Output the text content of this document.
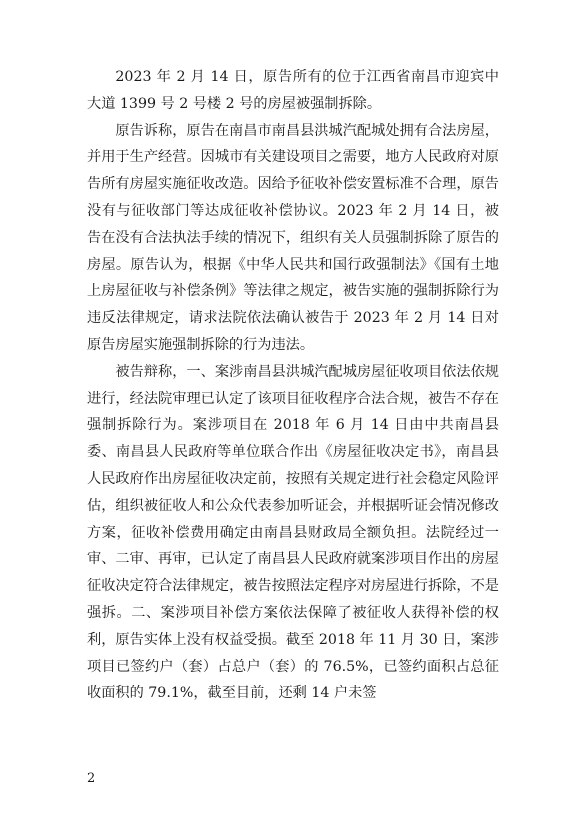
2023 年 2 月 14 日，原告所有的位于江西省南昌市迎宾中大道 1399 号 2 号楼 2 号的房屋被强制拆除。

原告诉称，原告在南昌市南昌县洪城汽配城处拥有合法房屋，并用于生产经营。因城市有关建设项目之需要，地方人民政府对原告所有房屋实施征收改造。因给予征收补偿安置标准不合理，原告没有与征收部门等达成征收补偿协议。2023 年 2 月 14 日，被告在没有合法执法手续的情况下，组织有关人员强制拆除了原告的房屋。原告认为，根据《中华人民共和国行政强制法》《国有土地上房屋征收与补偿条例》等法律之规定，被告实施的强制拆除行为违反法律规定，请求法院依法确认被告于 2023 年 2 月 14 日对原告房屋实施强制拆除的行为违法。

被告辩称，一、案涉南昌县洪城汽配城房屋征收项目依法依规进行，经法院审理已认定了该项目征收程序合法合规，被告不存在强制拆除行为。案涉项目在 2018 年 6 月 14 日由中共南昌县委、南昌县人民政府等单位联合作出《房屋征收决定书》，南昌县人民政府作出房屋征收决定前，按照有关规定进行社会稳定风险评估，组织被征收人和公众代表参加听证会，并根据听证会情况修改方案，征收补偿费用确定由南昌县财政局全额负担。法院经过一审、二审、再审，已认定了南昌县人民政府就案涉项目作出的房屋征收决定符合法律规定，被告按照法定程序对房屋进行拆除，不是强拆。二、案涉项目补偿方案依法保障了被征收人获得补偿的权利，原告实体上没有权益受损。截至 2018 年 11 月 30 日，案涉项目已签约户（套）占总户（套）的 76.5%，已签约面积占总征收面积的 79.1%，截至目前，还剩 14 户未签

2
